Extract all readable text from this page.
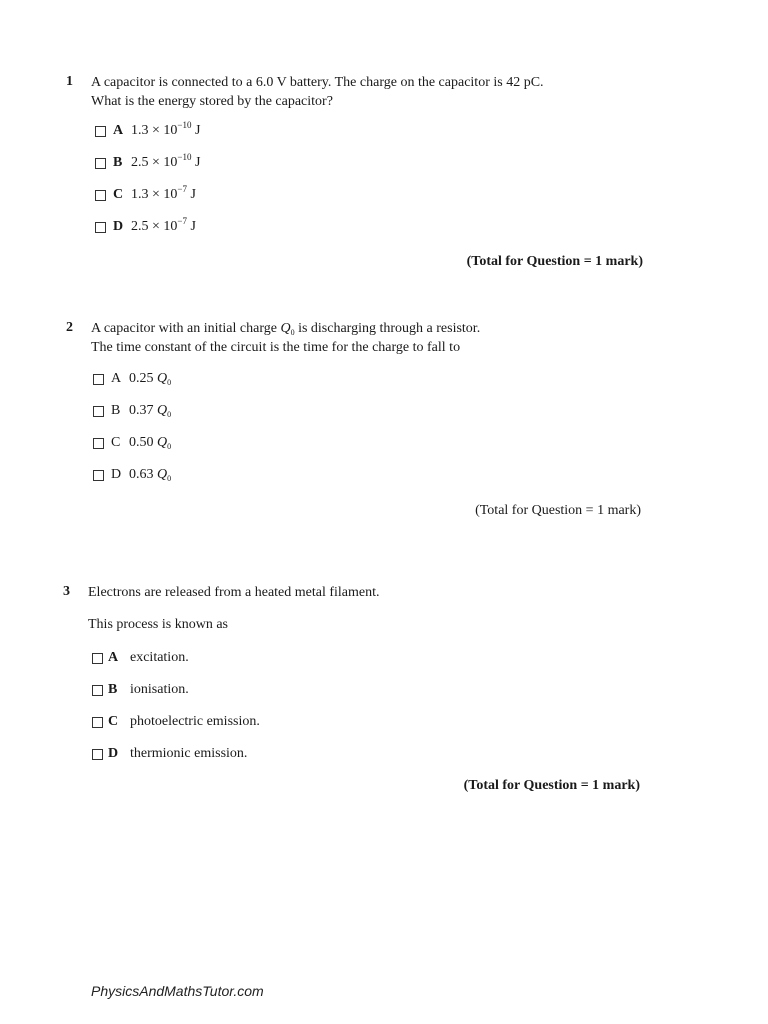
1 A capacitor is connected to a 6.0 V battery. The charge on the capacitor is 42 pC.
What is the energy stored by the capacitor?
A $1.3 \times 10^{-10}$ J
B $2.5 \times 10^{-10}$ J
C $1.3 \times 10^{-7}$ J
D $2.5 \times 10^{-7}$ J
(Total for Question = 1 mark)
2 A capacitor with an initial charge $Q_0$ is discharging through a resistor.
The time constant of the circuit is the time for the charge to fall to
A 0.25 $Q_0$
B 0.37 $Q_0$
C 0.50 $Q_0$
D 0.63 $Q_0$
(Total for Question = 1 mark)
3 Electrons are released from a heated metal filament.
This process is known as
A excitation.
B ionisation.
C photoelectric emission.
D thermionic emission.
(Total for Question = 1 mark)
PhysicsAndMathsTutor.com
